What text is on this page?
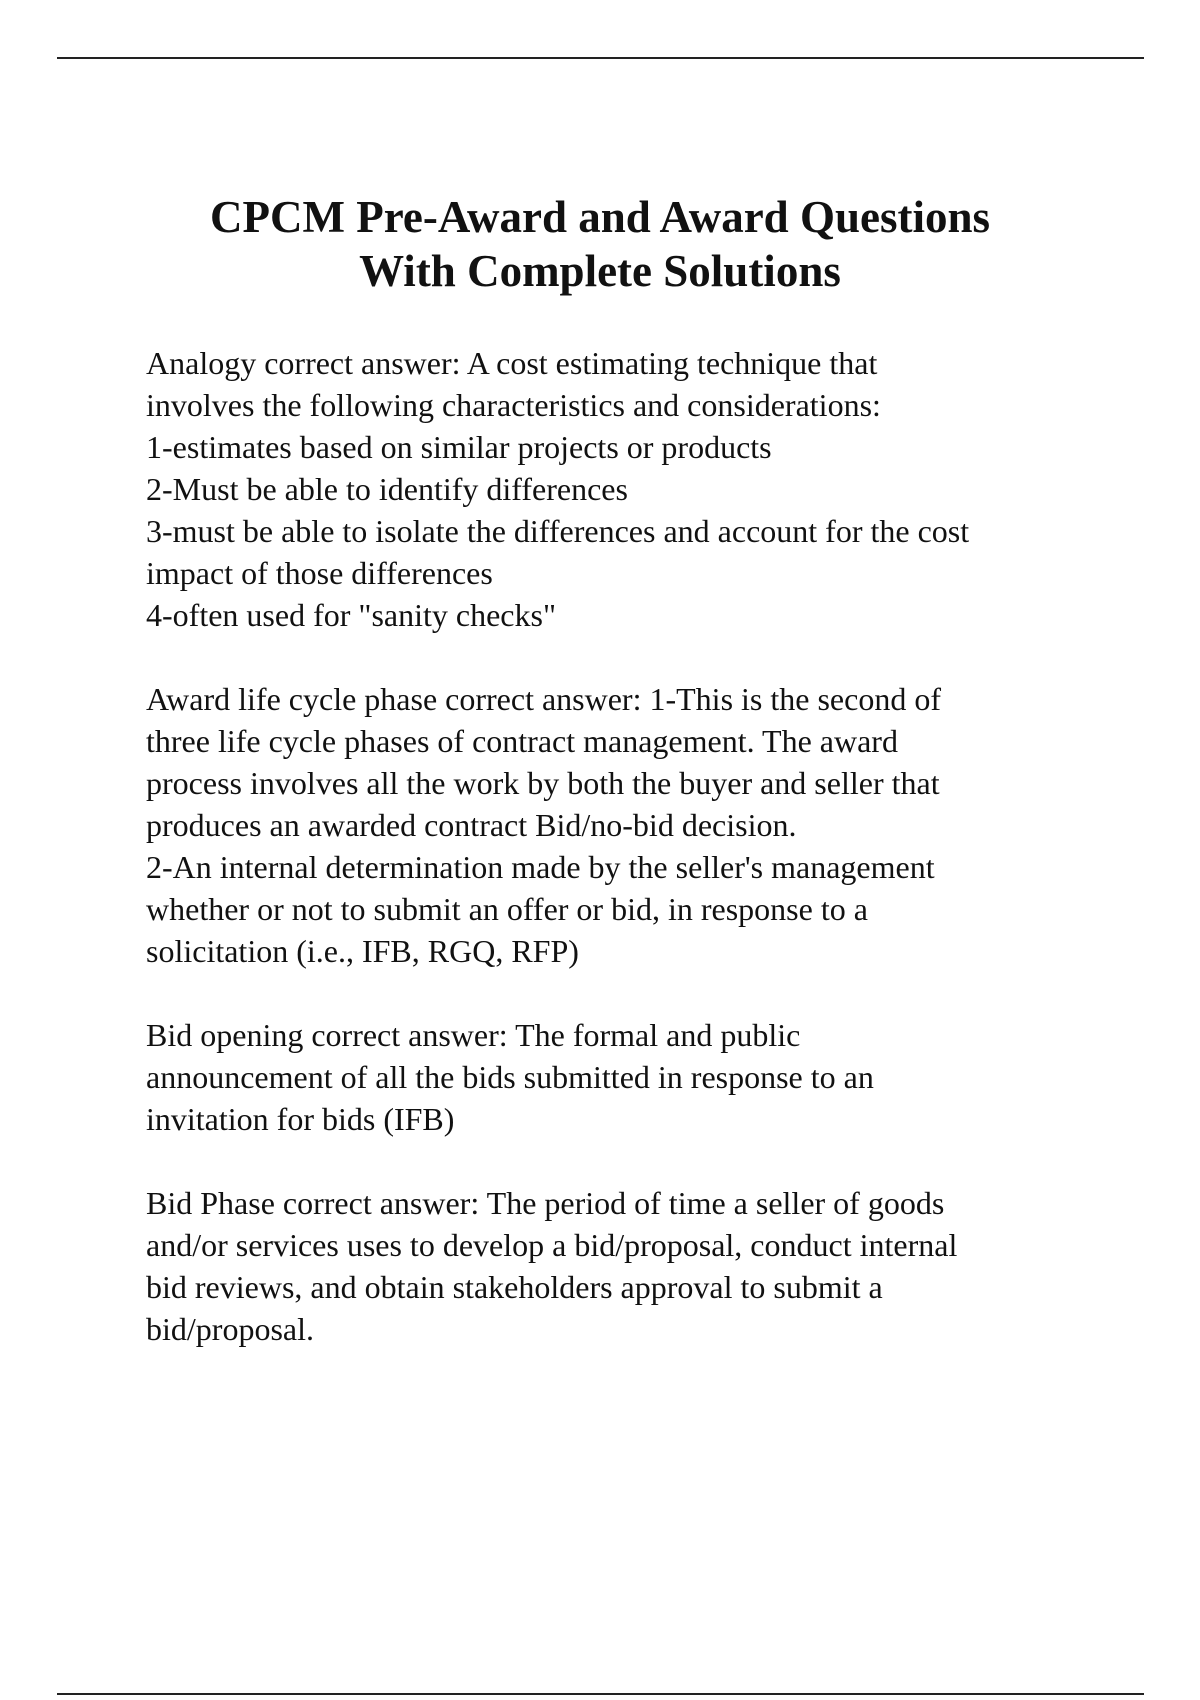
CPCM Pre-Award and Award Questions
With Complete Solutions
Analogy correct answer: A cost estimating technique that
involves the following characteristics and considerations:
1-estimates based on similar projects or products
2-Must be able to identify differences
3-must be able to isolate the differences and account for the cost
impact of those differences
4-often used for "sanity checks"
Award life cycle phase correct answer: 1-This is the second of
three life cycle phases of contract management. The award
process involves all the work by both the buyer and seller that
produces an awarded contract Bid/no-bid decision.
2-An internal determination made by the seller's management
whether or not to submit an offer or bid, in response to a
solicitation (i.e., IFB, RGQ, RFP)
Bid opening correct answer: The formal and public
announcement of all the bids submitted in response to an
invitation for bids (IFB)
Bid Phase correct answer: The period of time a seller of goods
and/or services uses to develop a bid/proposal, conduct internal
bid reviews, and obtain stakeholders approval to submit a
bid/proposal.
